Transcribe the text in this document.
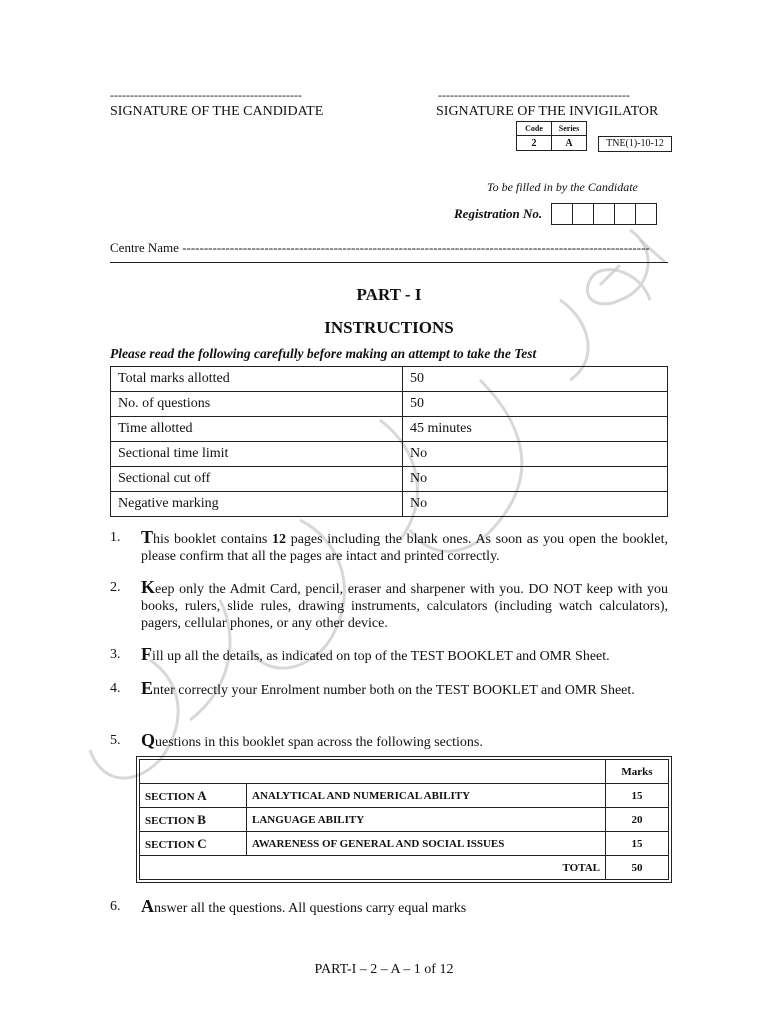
------------------------------------------------	------------------------------------------------
SIGNATURE OF THE CANDIDATE	SIGNATURE OF THE INVIGILATOR
Code	Series
2	A	TNE(1)-10-12
To be filled in by the Candidate
Registration No.
Centre Name ------------------------------------------------------------------------------------------------------------
PART - I
INSTRUCTIONS
Please read the following carefully before making an attempt to take the Test
Total marks allotted	50
No. of questions	50
Time allotted	45 minutes
Sectional time limit	No
Sectional cut off	No
Negative marking	No
1. This booklet contains 12 pages including the blank ones. As soon as you open the booklet, please confirm that all the pages are intact and printed correctly.
2. Keep only the Admit Card, pencil, eraser and sharpener with you. DO NOT keep with you books, rulers, slide rules, drawing instruments, calculators (including watch calculators), pagers, cellular phones, or any other device.
3. Fill up all the details, as indicated on top of the TEST BOOKLET and OMR Sheet.
4. Enter correctly your Enrolment number both on the TEST BOOKLET and OMR Sheet.
5. Questions in this booklet span across the following sections.
		Marks
SECTION A	ANALYTICAL AND NUMERICAL ABILITY	15
SECTION B	LANGUAGE ABILITY	20
SECTION C	AWARENESS OF GENERAL AND SOCIAL ISSUES	15
TOTAL		50
6. Answer all the questions. All questions carry equal marks
PART-I – 2 – A – 1 of 12
